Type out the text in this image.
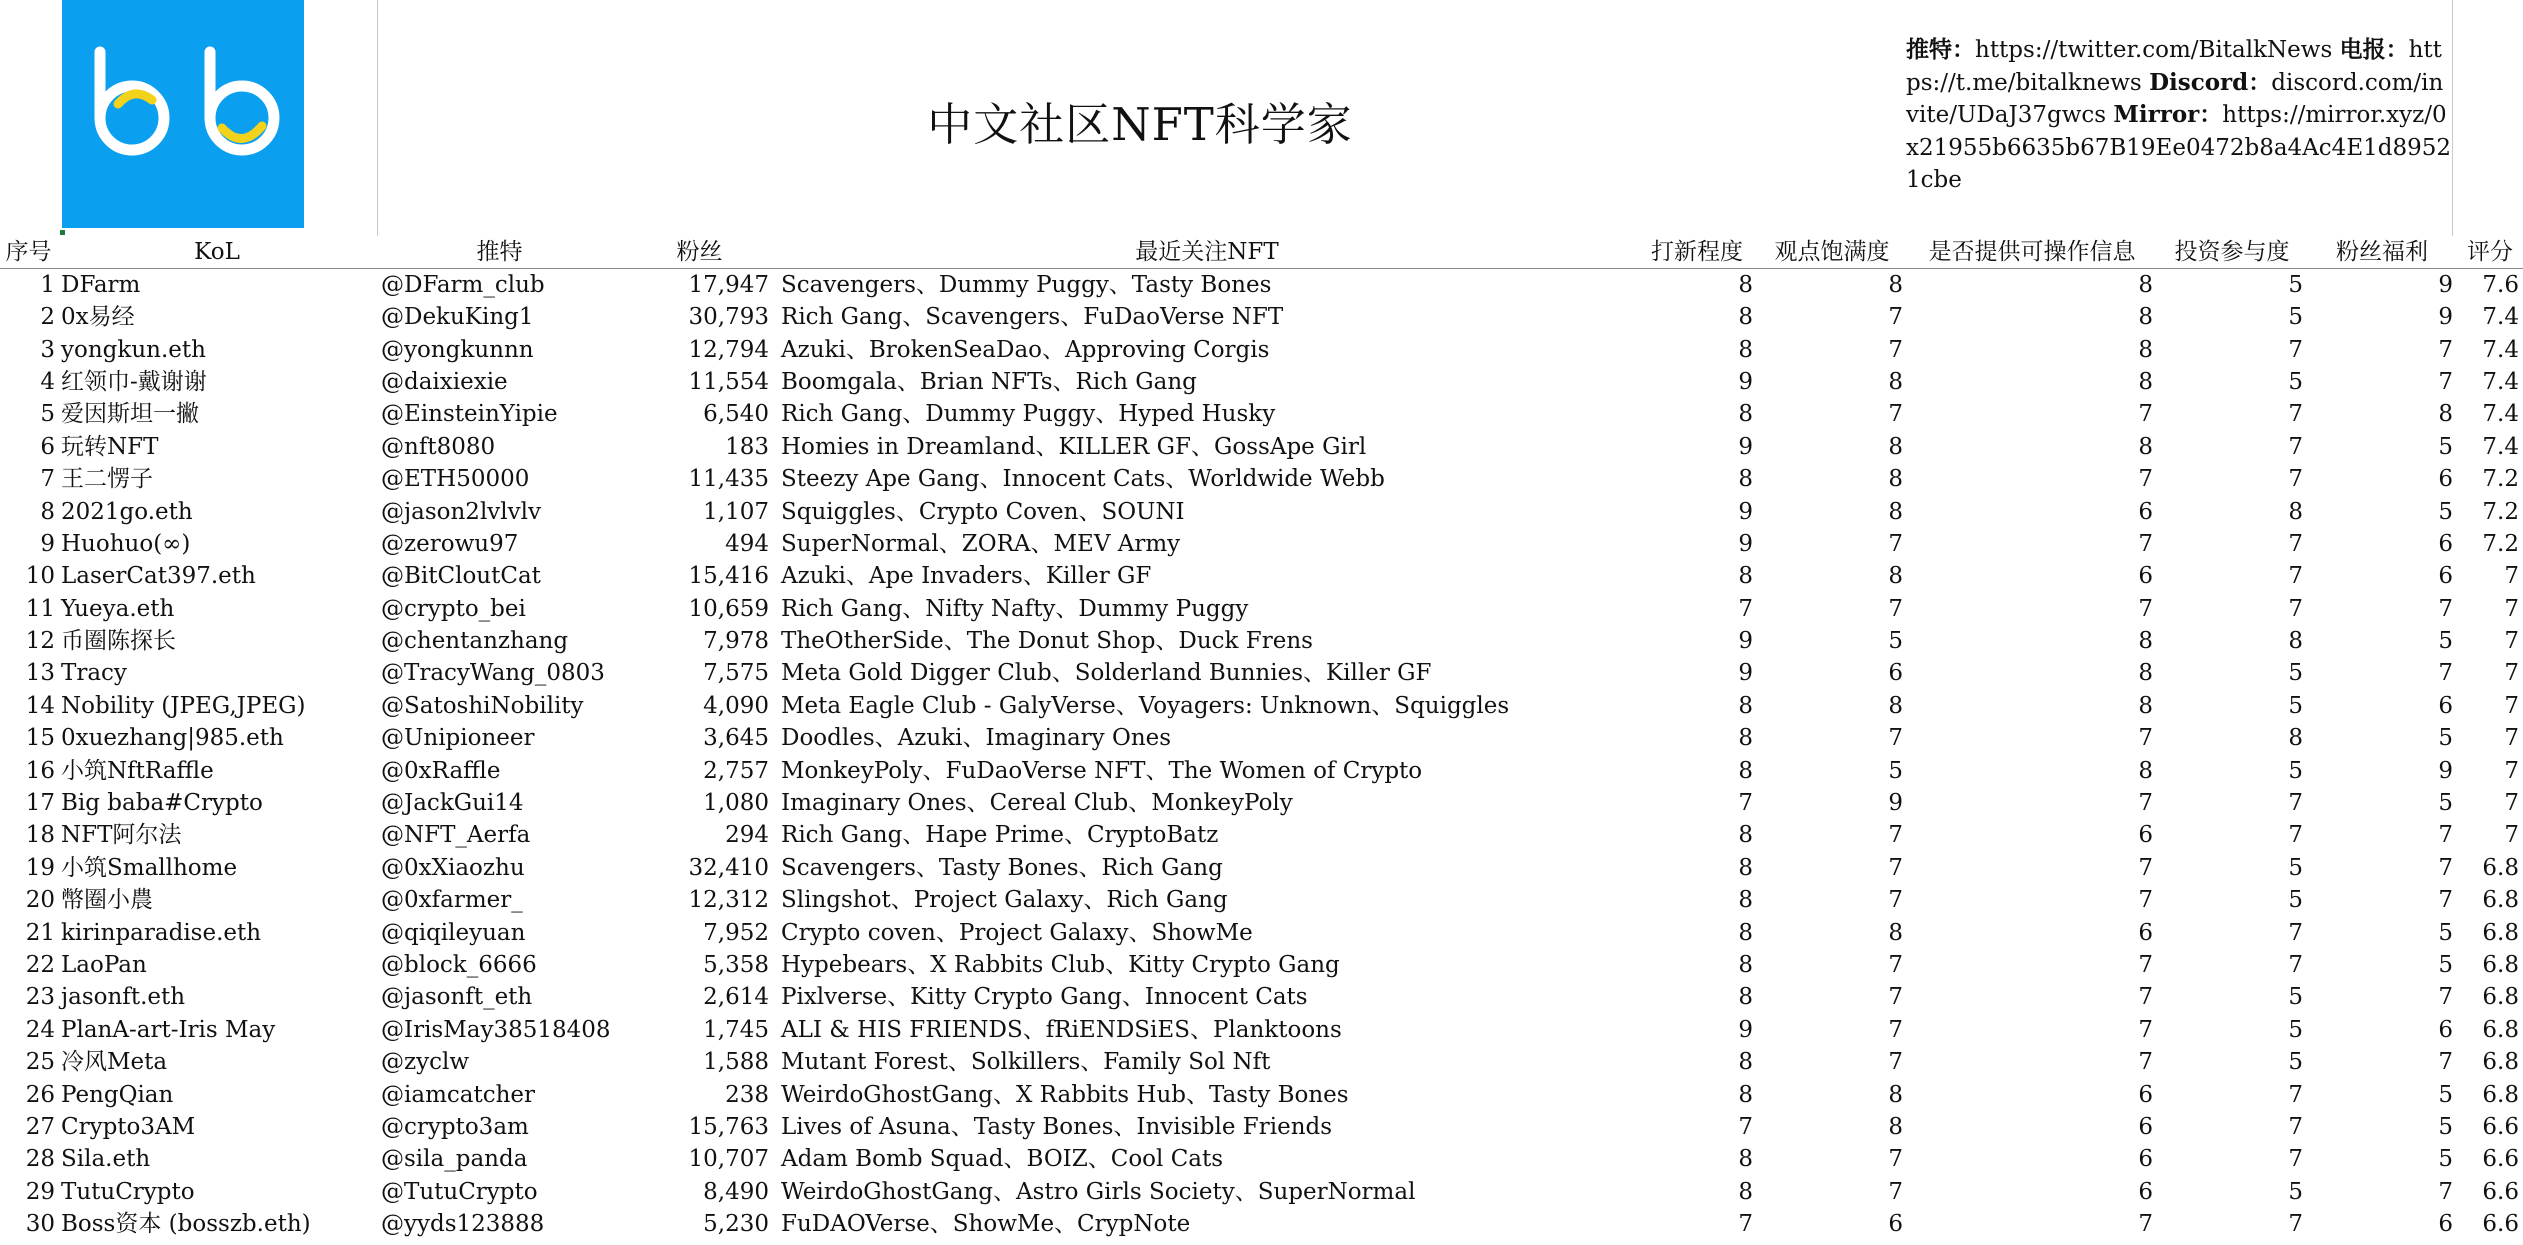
中文社区NFT科学家
推特：https://twitter.com/BitalkNews 电报：https://t.me/bitalknews Discord：discord.com/invite/UDaJ37gwcs Mirror：https://mirror.xyz/0x21955b6635b67B19Ee0472b8a4Ac4E1d89521cbe
序号	KoL	推特	粉丝	最近关注NFT	打新程度	观点饱满度	是否提供可操作信息	投资参与度	粉丝福利	评分
1	DFarm	@DFarm_club	17,947	Scavengers、Dummy Puggy、Tasty Bones	8	8	8	5	9	7.6
2	0x易经	@DekuKing1	30,793	Rich Gang、Scavengers、FuDaoVerse NFT	8	7	8	5	9	7.4
3	yongkun.eth	@yongkunnn	12,794	Azuki、BrokenSeaDao、Approving Corgis	8	7	8	7	7	7.4
4	红领巾-戴谢谢	@daixiexie	11,554	Boomgala、Brian NFTs、Rich Gang	9	8	8	5	7	7.4
5	爱因斯坦一撇	@EinsteinYipie	6,540	Rich Gang、Dummy Puggy、Hyped Husky	8	7	7	7	8	7.4
6	玩转NFT	@nft8080	183	Homies in Dreamland、KILLER GF、GossApe Girl	9	8	8	7	5	7.4
7	王二愣子	@ETH50000	11,435	Steezy Ape Gang、Innocent Cats、Worldwide Webb	8	8	7	7	6	7.2
8	2021go.eth	@jason2lvlvlv	1,107	Squiggles、Crypto Coven、SOUNI	9	8	6	8	5	7.2
9	Huohuo(∞)	@zerowu97	494	SuperNormal、ZORA、MEV Army	9	7	7	7	6	7.2
10	LaserCat397.eth	@BitCloutCat	15,416	Azuki、Ape Invaders、Killer GF	8	8	6	7	6	7
11	Yueya.eth	@crypto_bei	10,659	Rich Gang、Nifty Nafty、Dummy Puggy	7	7	7	7	7	7
12	币圈陈探长	@chentanzhang	7,978	TheOtherSide、The Donut Shop、Duck Frens	9	5	8	8	5	7
13	Tracy	@TracyWang_0803	7,575	Meta Gold Digger Club、Solderland Bunnies、Killer GF	9	6	8	5	7	7
14	Nobility (JPEG,JPEG)	@SatoshiNobility	4,090	Meta Eagle Club - GalyVerse、Voyagers: Unknown、Squiggles	8	8	8	5	6	7
15	0xuezhang|985.eth	@Unipioneer	3,645	Doodles、Azuki、Imaginary Ones	8	7	7	8	5	7
16	小筑NftRaffle	@0xRaffle	2,757	MonkeyPoly、FuDaoVerse NFT、The Women of Crypto	8	5	8	5	9	7
17	Big baba#Crypto	@JackGui14	1,080	Imaginary Ones、Cereal Club、MonkeyPoly	7	9	7	7	5	7
18	NFT阿尔法	@NFT_Aerfa	294	Rich Gang、Hape Prime、CryptoBatz	8	7	6	7	7	7
19	小筑Smallhome	@0xXiaozhu	32,410	Scavengers、Tasty Bones、Rich Gang	8	7	7	5	7	6.8
20	幣圈小農	@0xfarmer_	12,312	Slingshot、Project Galaxy、Rich Gang	8	7	7	5	7	6.8
21	kirinparadise.eth	@qiqileyuan	7,952	Crypto coven、Project Galaxy、ShowMe	8	8	6	7	5	6.8
22	LaoPan	@block_6666	5,358	Hypebears、X Rabbits Club、Kitty Crypto Gang	8	7	7	7	5	6.8
23	jasonft.eth	@jasonft_eth	2,614	Pixlverse、Kitty Crypto Gang、Innocent Cats	8	7	7	5	7	6.8
24	PlanA-art-Iris May	@IrisMay38518408	1,745	ALI & HIS FRIENDS、fRiENDSiES、Planktoons	9	7	7	5	6	6.8
25	冷风Meta	@zyclw	1,588	Mutant Forest、Solkillers、Family Sol Nft	8	7	7	5	7	6.8
26	PengQian	@iamcatcher	238	WeirdoGhostGang、X Rabbits Hub、Tasty Bones	8	8	6	7	5	6.8
27	Crypto3AM	@crypto3am	15,763	Lives of Asuna、Tasty Bones、Invisible Friends	7	8	6	7	5	6.6
28	Sila.eth	@sila_panda	10,707	Adam Bomb Squad、BOIZ、Cool Cats	8	7	6	7	5	6.6
29	TutuCrypto	@TutuCrypto	8,490	WeirdoGhostGang、Astro Girls Society、SuperNormal	8	7	6	5	7	6.6
30	Boss资本 (bosszb.eth)	@yyds123888	5,230	FuDAOVerse、ShowMe、CrypNote	7	6	7	7	6	6.6
